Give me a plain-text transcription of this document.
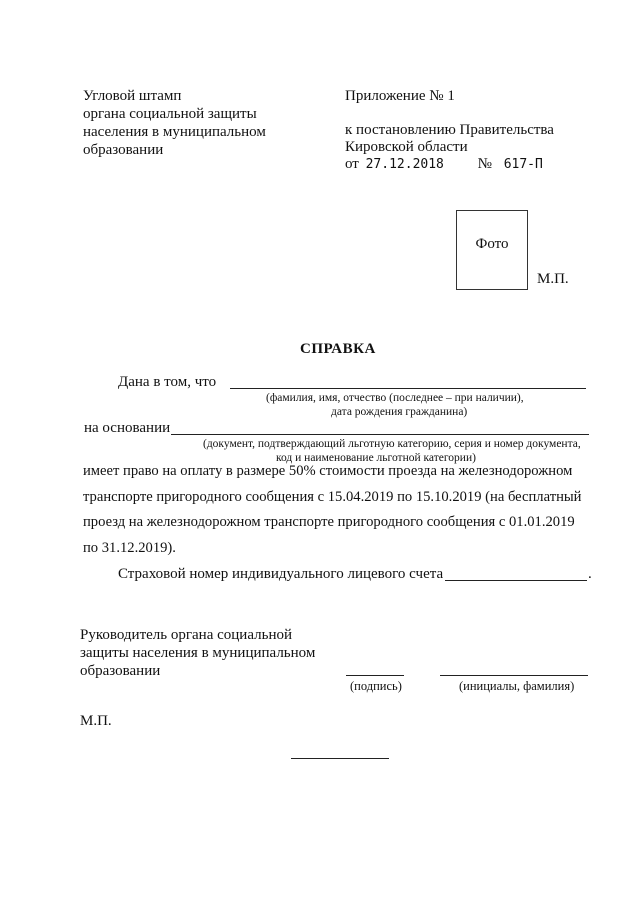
Угловой штамп
органа социальной защиты
населения в муниципальном
образовании
Приложение № 1
к постановлению Правительства
Кировской области
от 27.12.2018 № 617-П
Фото
М.П.
СПРАВКА
Дана в том, что
(фамилия, имя, отчество (последнее – при наличии),
дата рождения гражданина)
на основании
(документ, подтверждающий льготную категорию, серия и номер документа,
код и наименование льготной категории)
имеет право на оплату в размере 50% стоимости проезда на железнодорожном
транспорте пригородного сообщения с 15.04.2019 по 15.10.2019 (на бесплатный
проезд на железнодорожном транспорте пригородного сообщения с 01.01.2019
по 31.12.2019).
Страховой номер индивидуального лицевого счета	.
Руководитель органа социальной
защиты населения в муниципальном
образовании
(подпись)	(инициалы, фамилия)
М.П.
